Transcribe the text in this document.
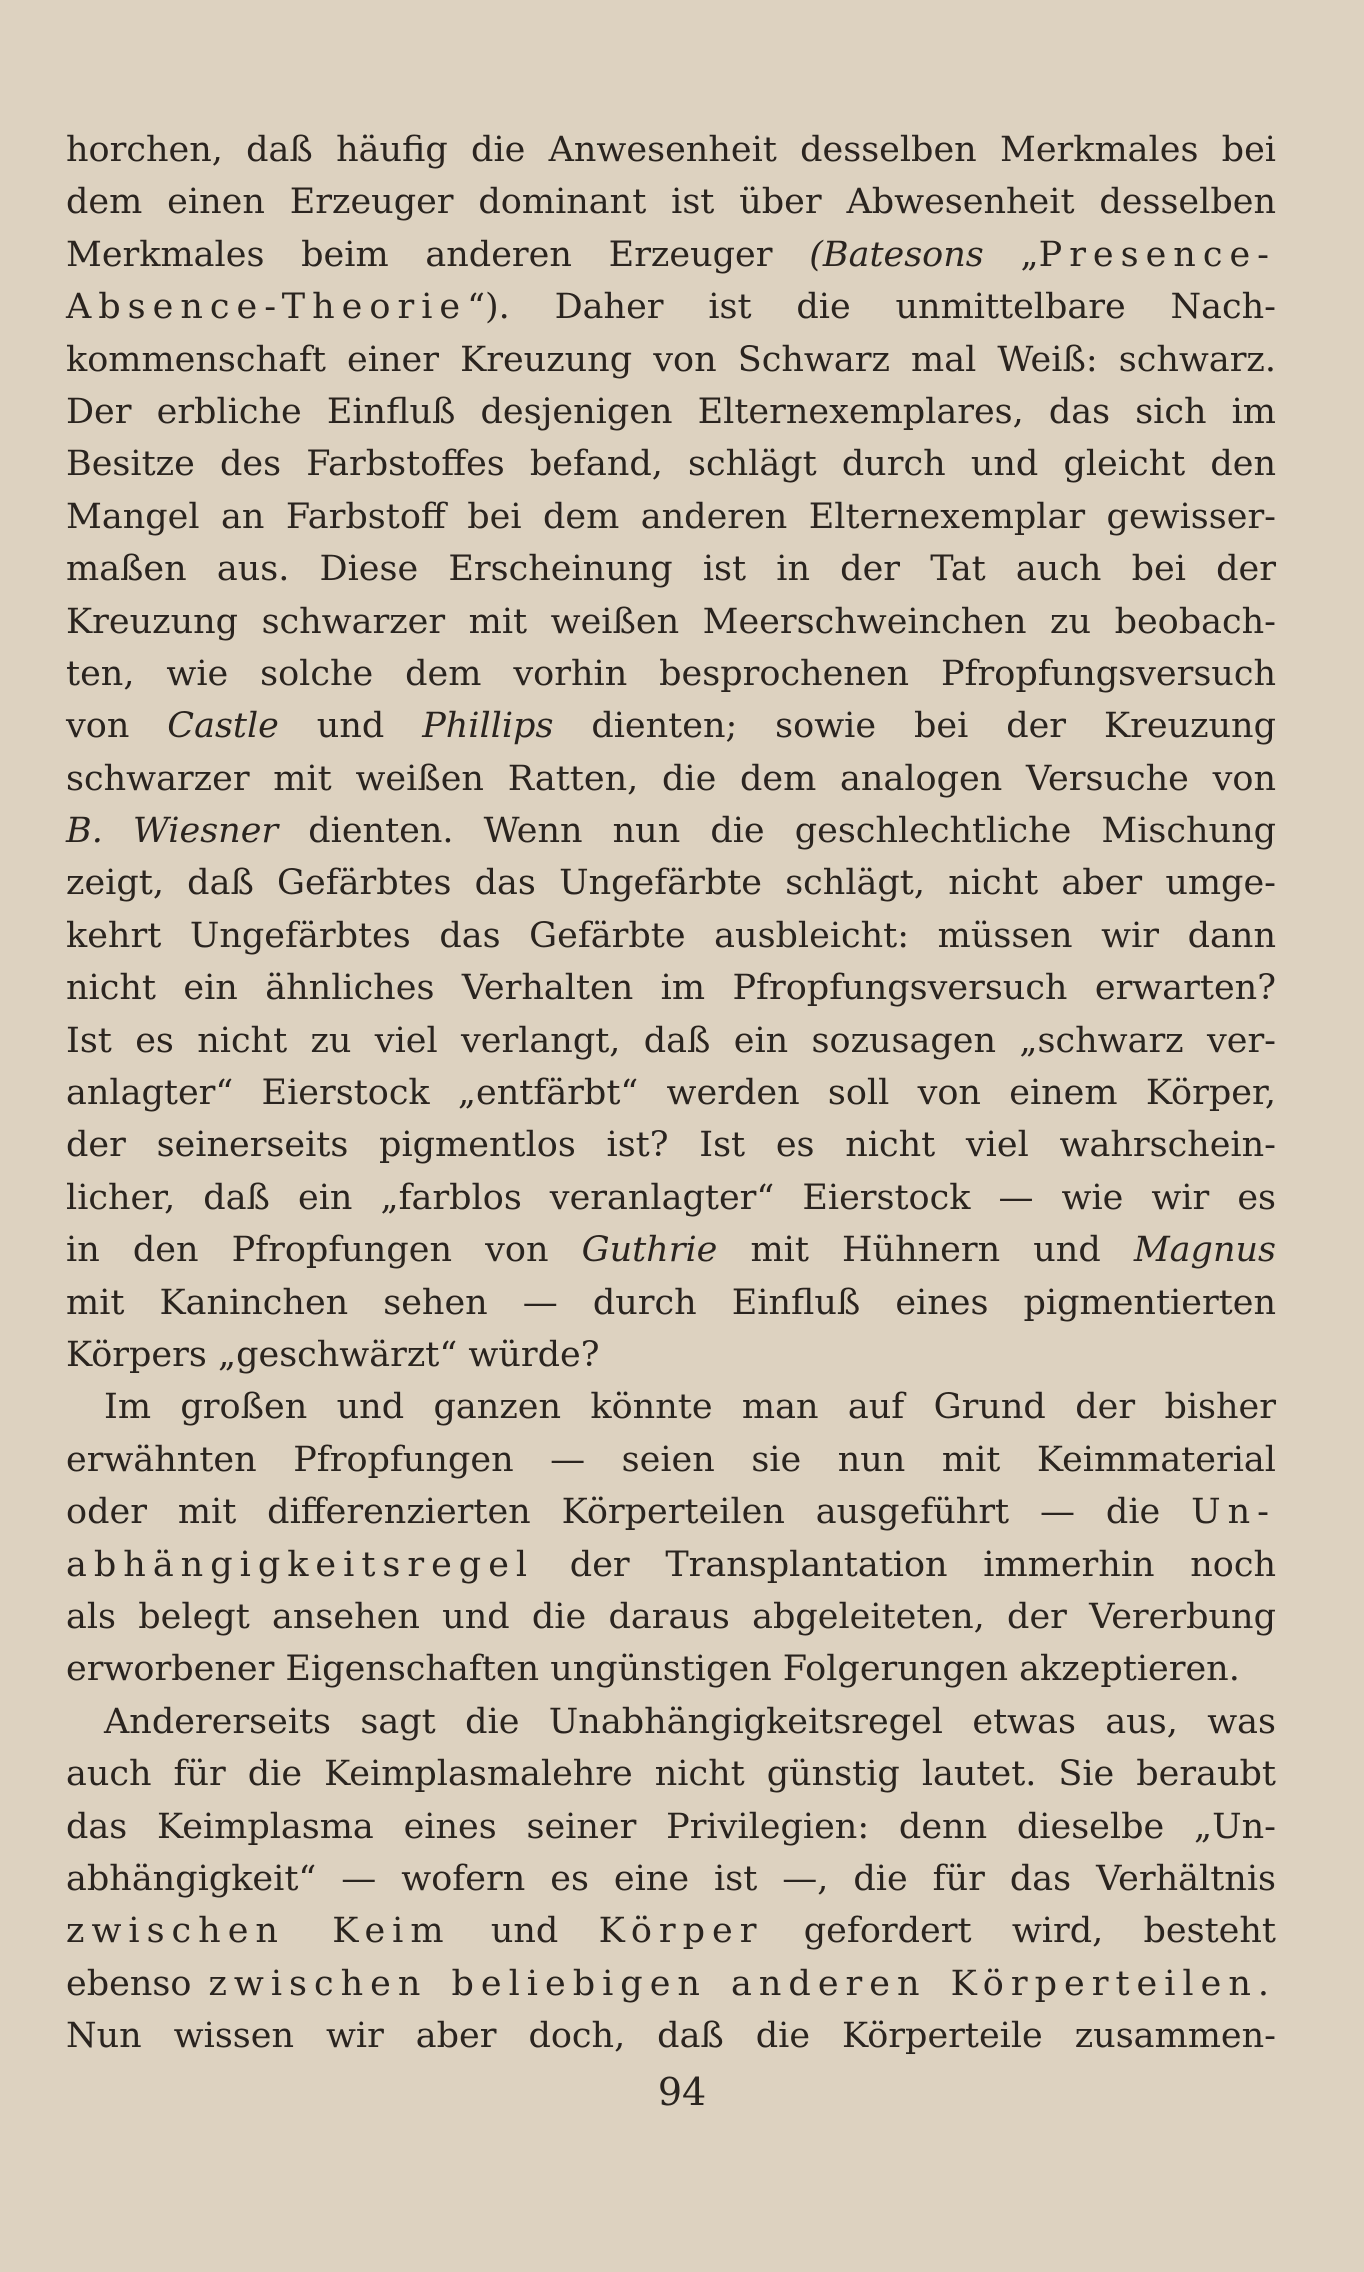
horchen, daß häufig die Anwesenheit desselben Merkmales bei
dem einen Erzeuger dominant ist über Abwesenheit desselben
Merkmales beim anderen Erzeuger (Batesons „Presence-
Absence-Theorie“). Daher ist die unmittelbare Nach-
kommenschaft einer Kreuzung von Schwarz mal Weiß: schwarz.
Der erbliche Einfluß desjenigen Elternexemplares, das sich im
Besitze des Farbstoffes befand, schlägt durch und gleicht den
Mangel an Farbstoff bei dem anderen Elternexemplar gewisser-
maßen aus. Diese Erscheinung ist in der Tat auch bei der
Kreuzung schwarzer mit weißen Meerschweinchen zu beobach-
ten, wie solche dem vorhin besprochenen Pfropfungsversuch
von Castle und Phillips dienten; sowie bei der Kreuzung
schwarzer mit weißen Ratten, die dem analogen Versuche von
B. Wiesner dienten. Wenn nun die geschlechtliche Mischung
zeigt, daß Gefärbtes das Ungefärbte schlägt, nicht aber umge-
kehrt Ungefärbtes das Gefärbte ausbleicht: müssen wir dann
nicht ein ähnliches Verhalten im Pfropfungsversuch erwarten?
Ist es nicht zu viel verlangt, daß ein sozusagen „schwarz ver-
anlagter“ Eierstock „entfärbt“ werden soll von einem Körper,
der seinerseits pigmentlos ist? Ist es nicht viel wahrschein-
licher, daß ein „farblos veranlagter“ Eierstock — wie wir es
in den Pfropfungen von Guthrie mit Hühnern und Magnus
mit Kaninchen sehen — durch Einfluß eines pigmentierten
Körpers „geschwärzt“ würde?
Im großen und ganzen könnte man auf Grund der bisher
erwähnten Pfropfungen — seien sie nun mit Keimmaterial
oder mit differenzierten Körperteilen ausgeführt — die Un-
abhängigkeitsregel der Transplantation immerhin noch
als belegt ansehen und die daraus abgeleiteten, der Vererbung
erworbener Eigenschaften ungünstigen Folgerungen akzeptieren.
Andererseits sagt die Unabhängigkeitsregel etwas aus, was
auch für die Keimplasmalehre nicht günstig lautet. Sie beraubt
das Keimplasma eines seiner Privilegien: denn dieselbe „Un-
abhängigkeit“ — wofern es eine ist —, die für das Verhältnis
zwischen Keim und Körper gefordert wird, besteht
ebenso zwischen beliebigen anderen Körperteilen.
Nun wissen wir aber doch, daß die Körperteile zusammen-
94
